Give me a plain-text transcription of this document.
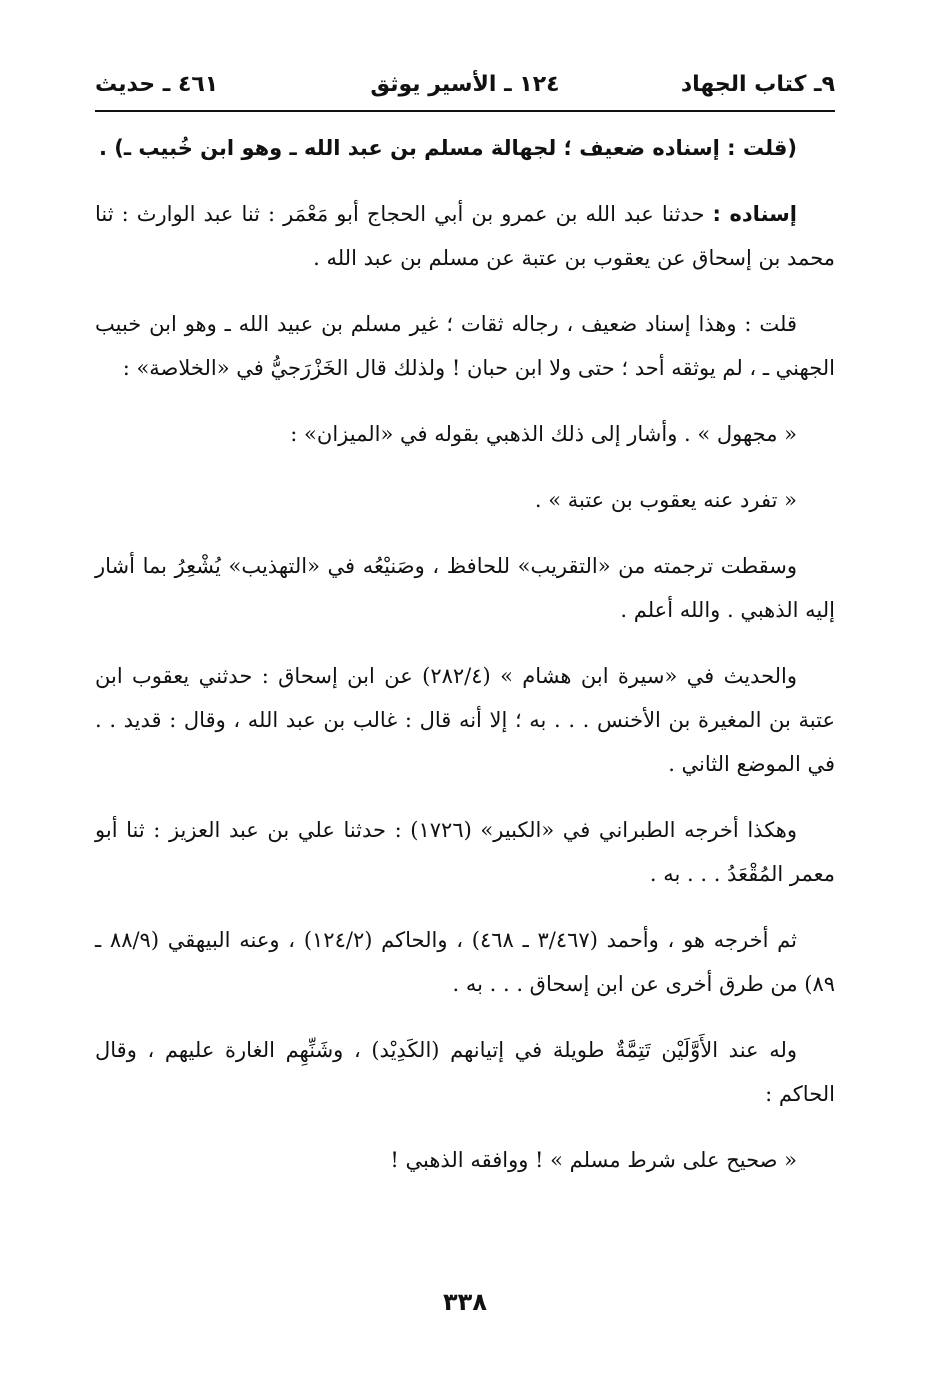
٩ـ كتاب الجهاد
١٢٤ ـ الأسير يوثق
٤٦١ ـ حديث

(قلت : إسناده ضعيف ؛ لجهالة مسلم بن عبد الله ـ وهو ابن خُبيب ـ) .

إسناده : حدثنا عبد الله بن عمرو بن أبي الحجاج أبو مَعْمَر : ثنا عبد الوارث : ثنا محمد بن إسحاق عن يعقوب بن عتبة عن مسلم بن عبد الله .

قلت : وهذا إسناد ضعيف ، رجاله ثقات ؛ غير مسلم بن عبيد الله ـ وهو ابن خبيب الجهني ـ ، لم يوثقه أحد ؛ حتى ولا ابن حبان ! ولذلك قال الخَزْرَجيُّ في «الخلاصة» :

« مجهول » . وأشار إلى ذلك الذهبي بقوله في «الميزان» :

« تفرد عنه يعقوب بن عتبة » .

وسقطت ترجمته من «التقريب» للحافظ ، وصَنيْعُه في «التهذيب» يُشْعِرُ بما أشار إليه الذهبي . والله أعلم .

والحديث في «سيرة ابن هشام » (٢٨٢/٤) عن ابن إسحاق : حدثني يعقوب ابن عتبة بن المغيرة بن الأخنس . . . به ؛ إلا أنه قال : غالب بن عبد الله ، وقال : قديد . . في الموضع الثاني .

وهكذا أخرجه الطبراني في «الكبير» (١٧٢٦) : حدثنا علي بن عبد العزيز : ثنا أبو معمر المُقْعَدُ . . . به .

ثم أخرجه هو ، وأحمد (٣/٤٦٧ ـ ٤٦٨) ، والحاكم (١٢٤/٢) ، وعنه البيهقي (٨٨/٩ ـ ٨٩) من طرق أخرى عن ابن إسحاق . . . به .

وله عند الأَوَّلَيْن تَتِمَّةٌ طويلة في إتيانهم (الكَدِيْد) ، وشَنِّهِم الغارة عليهم ، وقال الحاكم :

« صحيح على شرط مسلم » ! ووافقه الذهبي !

٣٣٨
